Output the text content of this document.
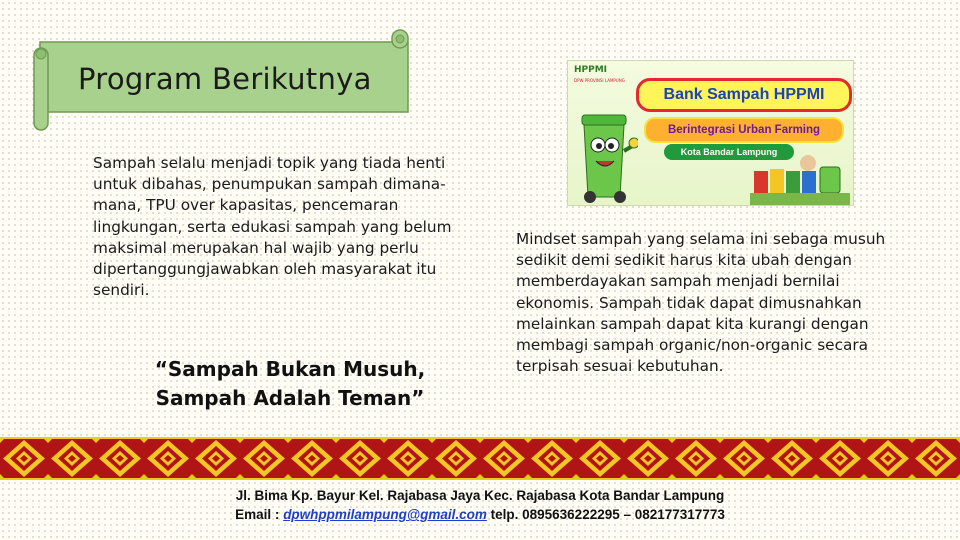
Program Berikutnya
Sampah selalu menjadi topik yang tiada henti untuk dibahas, penumpukan sampah dimana-mana, TPU over kapasitas, pencemaran lingkungan, serta edukasi sampah yang belum maksimal merupakan hal wajib yang perlu dipertanggungjawabkan oleh masyarakat itu sendiri.
“Sampah Bukan Musuh,
Sampah Adalah Teman”
HPPMI
DPW PROVINSI LAMPUNG
Bank Sampah HPPMI
Berintegrasi Urban Farming
Kota Bandar Lampung
Mindset sampah yang selama ini sebaga musuh sedikit demi sedikit harus kita ubah dengan memberdayakan sampah menjadi bernilai ekonomis. Sampah tidak dapat dimusnahkan melainkan sampah dapat kita kurangi dengan membagi sampah organic/non-organic secara terpisah sesuai kebutuhan.
Jl. Bima Kp. Bayur Kel. Rajabasa Jaya Kec. Rajabasa Kota Bandar Lampung
Email : dpwhppmilampung@gmail.com telp. 0895636222295 – 082177317773
